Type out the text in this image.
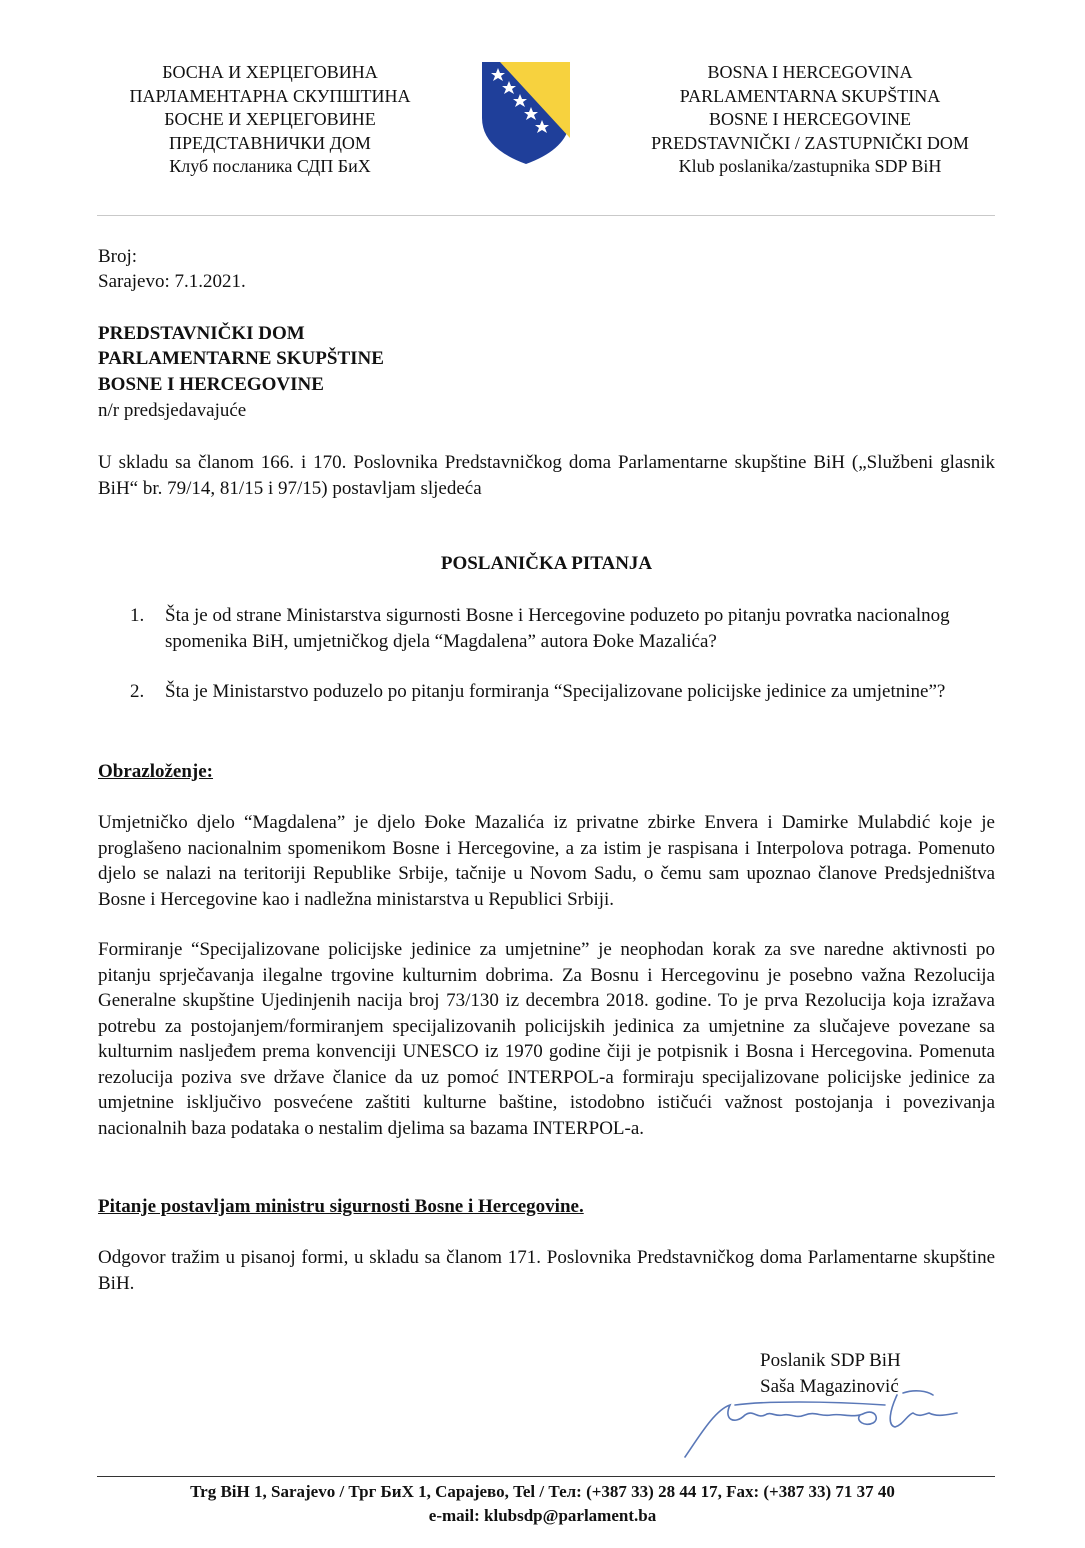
БОСНА И ХЕРЦЕГОВИНА
ПАРЛАМЕНТАРНА СКУПШТИНА
БОСНЕ И ХЕРЦЕГОВИНЕ
ПРЕДСТАВНИЧКИ ДОМ
Клуб посланика СДП БиХ
BOSNA I HERCEGOVINA
PARLAMENTARNA SKUPŠTINA
BOSNE I HERCEGOVINE
PREDSTAVNIČKI / ZASTUPNIČKI DOM
Klub poslanika/zastupnika SDP BiH
Broj:
Sarajevo: 7.1.2021.
PREDSTAVNIČKI DOM
PARLAMENTARNE SKUPŠTINE
BOSNE I HERCEGOVINE
n/r predsjedavajuće
U skladu sa članom 166. i 170. Poslovnika Predstavničkog doma Parlamentarne skupštine BiH („Službeni glasnik BiH“ br. 79/14, 81/15 i 97/15) postavljam sljedeća
POSLANIČKA PITANJA
1. Šta je od strane Ministarstva sigurnosti Bosne i Hercegovine poduzeto po pitanju povratka nacionalnog spomenika BiH, umjetničkog djela “Magdalena” autora Đoke Mazalića?
2. Šta je Ministarstvo poduzelo po pitanju formiranja “Specijalizovane policijske jedinice za umjetnine”?
Obrazloženje:
Umjetničko djelo “Magdalena” je djelo Đoke Mazalića iz privatne zbirke Envera i Damirke Mulabdić koje je proglašeno nacionalnim spomenikom Bosne i Hercegovine, a za istim je raspisana i Interpolova potraga. Pomenuto djelo se nalazi na teritoriji Republike Srbije, tačnije u Novom Sadu, o čemu sam upoznao članove Predsjedništva Bosne i Hercegovine kao i nadležna ministarstva u Republici Srbiji.
Formiranje “Specijalizovane policijske jedinice za umjetnine” je neophodan korak za sve naredne aktivnosti po pitanju sprječavanja ilegalne trgovine kulturnim dobrima. Za Bosnu i Hercegovinu je posebno važna Rezolucija Generalne skupštine Ujedinjenih nacija broj 73/130 iz decembra 2018. godine. To je prva Rezolucija koja izražava potrebu za postojanjem/formiranjem specijalizovanih policijskih jedinica za umjetnine za slučajeve povezane sa kulturnim nasljeđem prema konvenciji UNESCO iz 1970 godine čiji je potpisnik i Bosna i Hercegovina. Pomenuta rezolucija poziva sve države članice da uz pomoć INTERPOL-a formiraju specijalizovane policijske jedinice za umjetnine isključivo posvećene zaštiti kulturne baštine, istodobno ističući važnost postojanja i povezivanja nacionalnih baza podataka o nestalim djelima sa bazama INTERPOL-a.
Pitanje postavljam ministru sigurnosti Bosne i Hercegovine.
Odgovor tražim u pisanoj formi, u skladu sa članom 171. Poslovnika Predstavničkog doma Parlamentarne skupštine BiH.
Poslanik SDP BiH
Saša Magazinović
Trg BiH 1, Sarajevo / Трг БиХ 1, Сарајево, Tel / Тел: (+387 33) 28 44 17, Fax: (+387 33) 71 37 40
e-mail: klubsdp@parlament.ba
